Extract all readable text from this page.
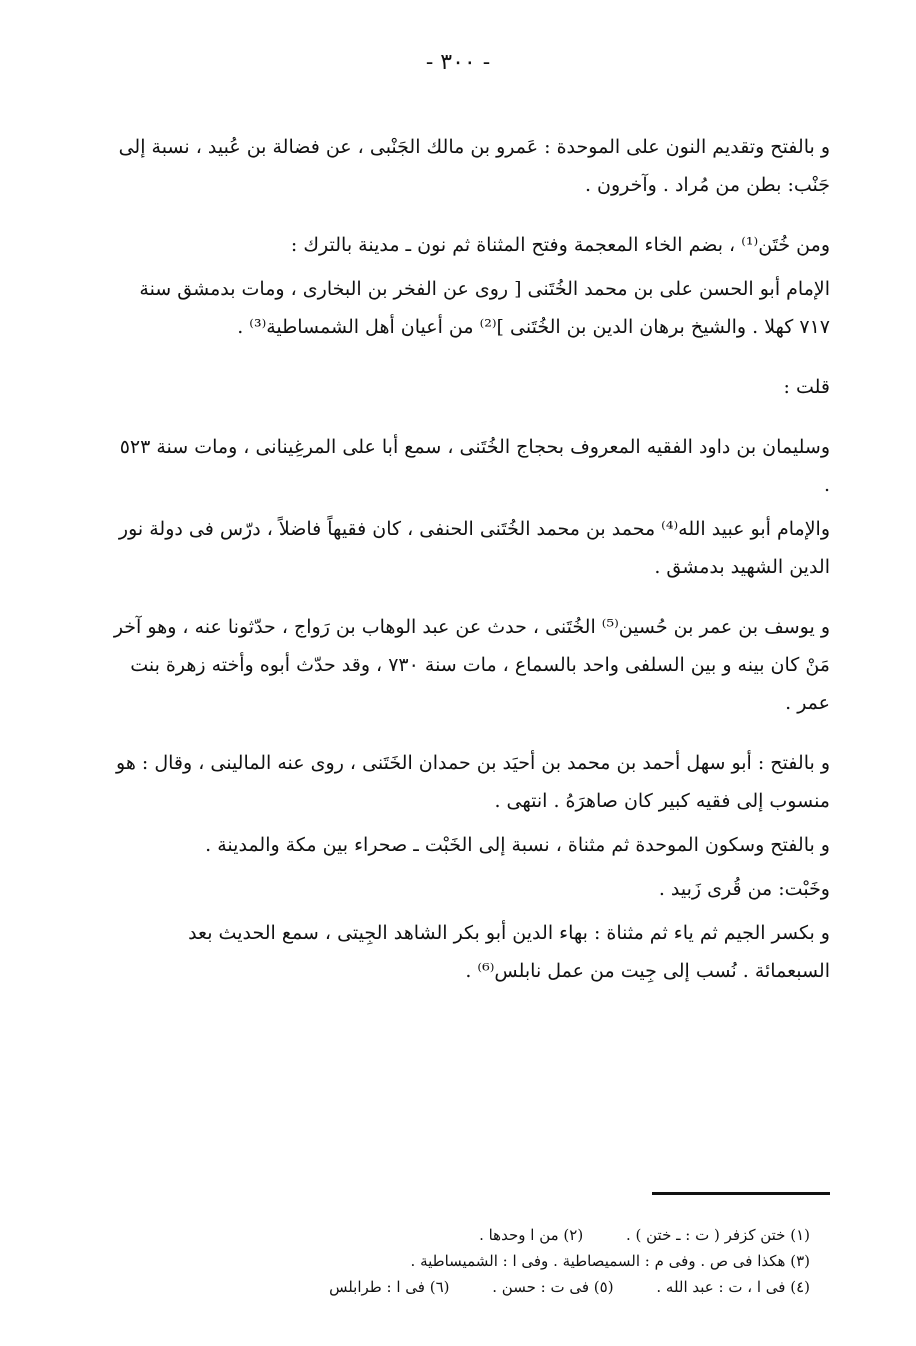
- ٣٠٠ -

و بالفتح وتقديم النون على الموحدة : عَمرو بن مالك الجَنْبى ، عن فضالة بن عُبيد ، نسبة إلى جَنْب: بطن من مُراد . وآخرون .

ومن خُتَن⁽¹⁾ ، بضم الخاء المعجمة وفتح المثناة ثم نون ـ مدينة بالترك :

الإمام أبو الحسن على بن محمد الخُتَنى [ روى عن الفخر بن البخارى ، ومات بدمشق سنة ٧١٧ كهلا . والشيخ برهان الدين بن الخُتَنى ]⁽²⁾ من أعيان أهل الشمساطية⁽³⁾ .

قلت :

وسليمان بن داود الفقيه المعروف بحجاج الخُتَنى ، سمع أبا على المرغِينانى ، ومات سنة ٥٢٣ .

والإمام أبو عبيد الله⁽⁴⁾ محمد بن محمد الخُتَنى الحنفى ، كان فقيهاً فاضلاً ، درّس فى دولة نور الدين الشهيد بدمشق .

و يوسف بن عمر بن حُسين⁽⁵⁾ الخُتَنى ، حدث عن عبد الوهاب بن رَواج ، حدّثونا عنه ، وهو آخر مَنْ كان بينه و بين السلفى واحد بالسماع ، مات سنة ٧٣٠ ، وقد حدّث أبوه وأخته زهرة بنت عمر .

و بالفتح : أبو سهل أحمد بن محمد بن أحيَد بن حمدان الخَتَنى ، روى عنه المالينى ، وقال : هو منسوب إلى فقيه كبير كان صاهرَهُ . انتهى .

و بالفتح وسكون الموحدة ثم مثناة ، نسبة إلى الخَبْت ـ صحراء بين مكة والمدينة .

وخَبْت: من قُرى زَبيد .

و بكسر الجيم ثم ياء ثم مثناة : بهاء الدين أبو بكر الشاهد الجِيتى ، سمع الحديث بعد السبعمائة . نُسب إلى جِيت من عمل نابلس⁽⁶⁾ .

(١) ختن كزفر ( ت : ـ ختن ) . (٢) من ا وحدها .
(٣) هكذا فى ص . وفى م : السميصاطية . وفى ا : الشميساطية .
(٤) فى ا ، ت : عبد الله . (٥) فى ت : حسن . (٦) فى ا : طرابلس
